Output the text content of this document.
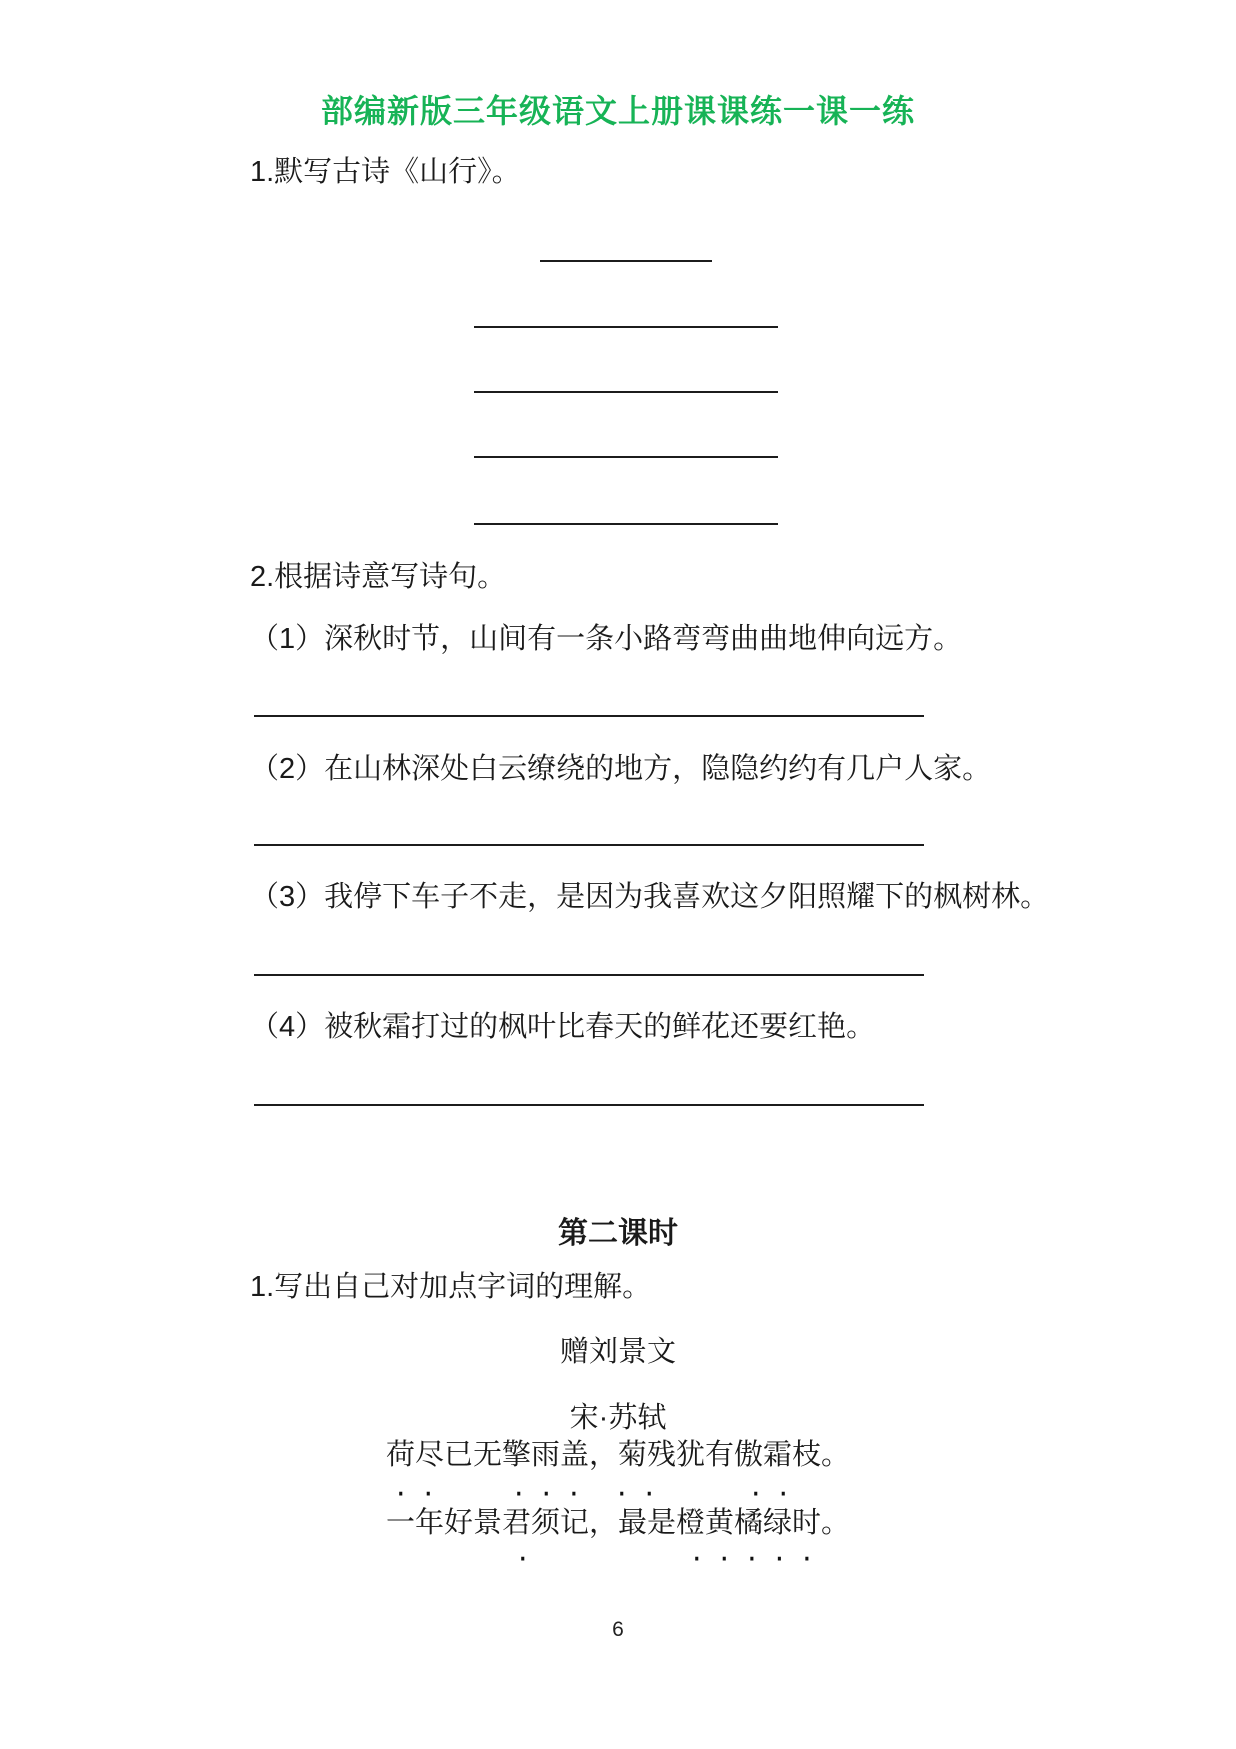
部编新版三年级语文上册课课练一课一练
1.默写古诗《山行》。
2.根据诗意写诗句。
（1）深秋时节，山间有一条小路弯弯曲曲地伸向远方。
（2）在山林深处白云缭绕的地方，隐隐约约有几户人家。
（3）我停下车子不走，是因为我喜欢这夕阳照耀下的枫树林。
（4）被秋霜打过的枫叶比春天的鲜花还要红艳。
第二课时
1.写出自己对加点字词的理解。
赠刘景文
宋·苏轼
荷尽已无擎雨盖，菊残犹有傲霜枝。
·· ··· ··	··
一年好景君须记，最是橙黄橘绿时。
·	·····
6
